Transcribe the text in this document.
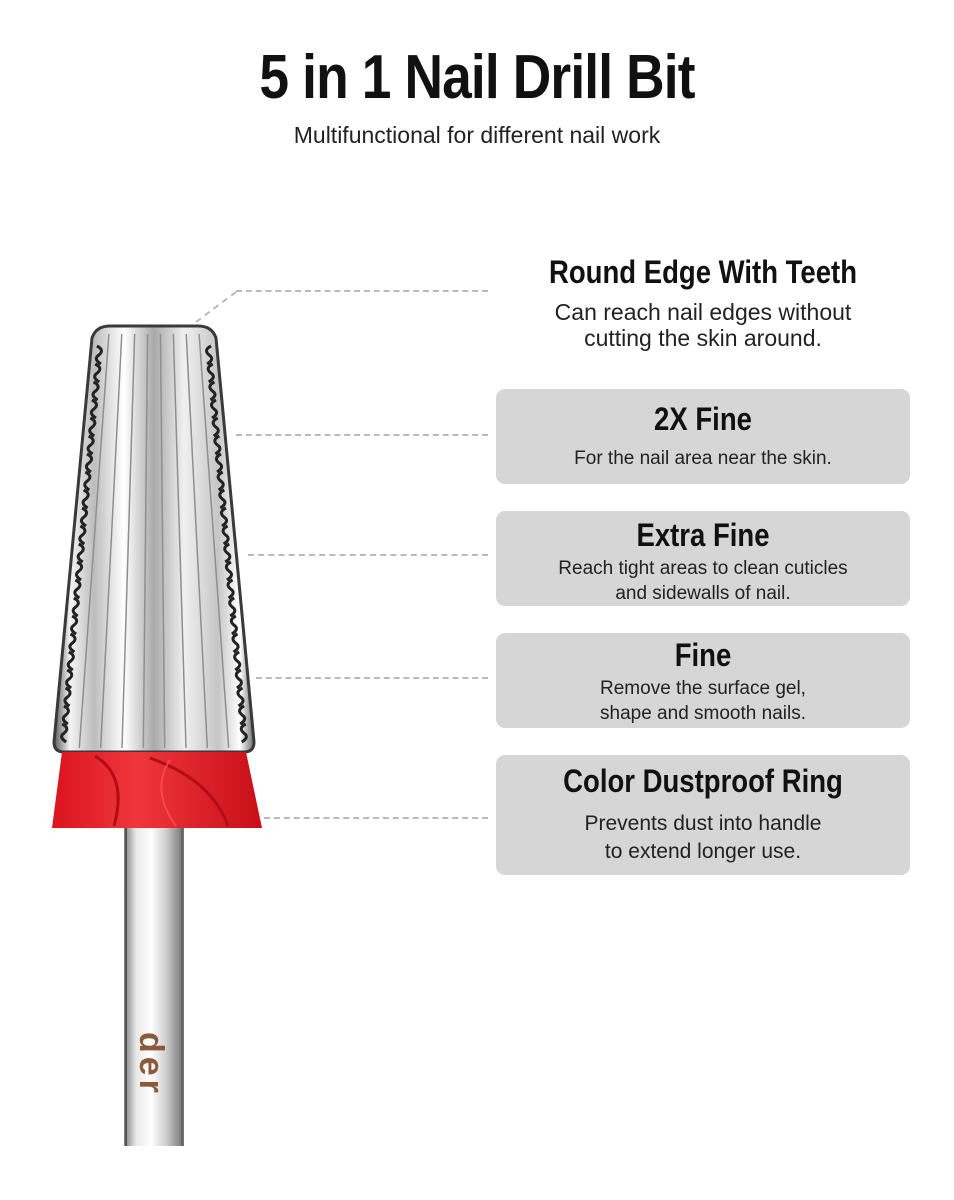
der
5 in 1 Nail Drill Bit
Multifunctional for different nail work
Round Edge With Teeth
Can reach nail edges without
cutting the skin around.
2X Fine
For the nail area near the skin.
Extra Fine
Reach tight areas to clean cuticles
and sidewalls of nail.
Fine
Remove the surface gel,
shape and smooth nails.
Color Dustproof Ring
Prevents dust into handle
to extend longer use.
